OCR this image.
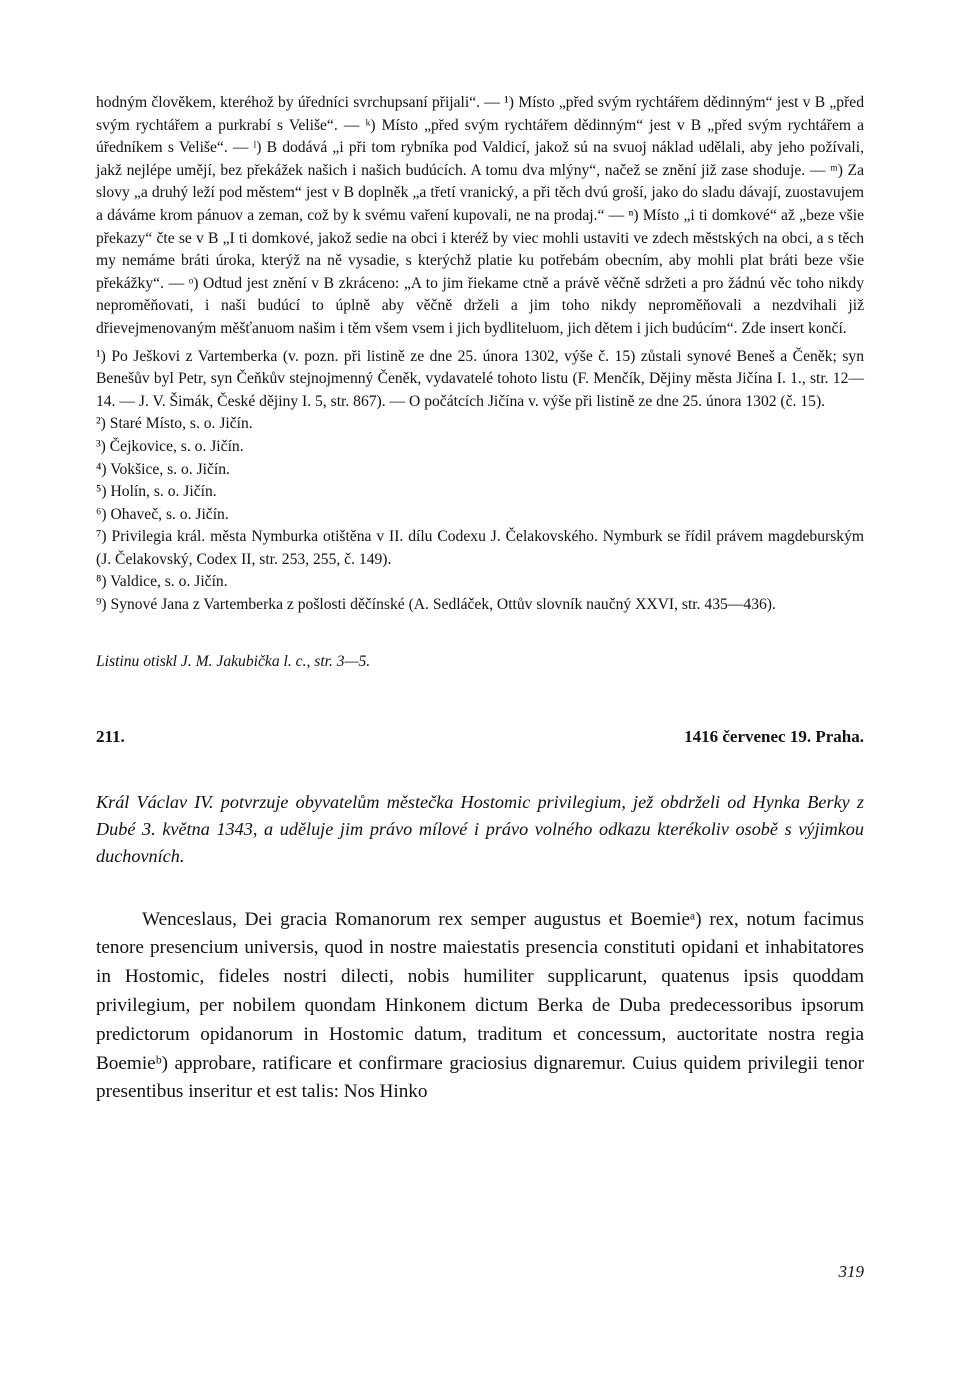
hodným člověkem, kteréhož by úředníci svrchupsaní přijali“. — ¹) Místo „před svým rychtářem dědinným“ jest v B „před svým rychtářem a purkrabí s Veliše“. — ᵏ) Místo „před svým rychtářem dědinným“ jest v B „před svým rychtářem a úředníkem s Veliše“. — ˡ) B dodává „i při tom rybníka pod Valdicí, jakož sú na svuoj náklad udělali, aby jeho požívali, jakž nejlépe umějí, bez překážek našich i našich budúcích. A tomu dva mlýny“, načež se znění již zase shoduje. — ᵐ) Za slovy „a druhý leží pod městem“ jest v B doplněk „a třetí vranický, a při těch dvú groší, jako do sladu dávají, zuostavujem a dáváme krom pánuov a zeman, což by k svému vaření kupovali, ne na prodaj.“ — ⁿ) Místo „i ti domkové“ až „beze všie překazy“ čte se v B „I ti domkové, jakož sedie na obci i kteréž by viec mohli ustaviti ve zdech městských na obci, a s těch my nemáme bráti úroka, kterýž na ně vysadie, s kterýchž platie ku potřebám obecním, aby mohli plat bráti beze všie překážky“. — ᵒ) Odtud jest znění v B zkráceno: „A to jim řiekame ctně a právě věčně sdržeti a pro žádnú věc toho nikdy neproměňovati, i naši budúcí to úplně aby věčně drželi a jim toho nikdy neproměňovali a nezdvihali již dřievejmenovaným měšťanuom našim i těm všem vsem i jich bydliteluom, jich dětem i jich budúcím“. Zde insert končí.

¹) Po Ješkovi z Vartemberka (v. pozn. při listině ze dne 25. února 1302, výše č. 15) zůstali synové Beneš a Čeněk; syn Benešův byl Petr, syn Čeňkův stejnojmenný Čeněk, vydavatelé tohoto listu (F. Menčík, Dějiny města Jičína I. 1., str. 12—14. — J. V. Šimák, České dějiny I. 5, str. 867). — O počátcích Jičína v. výše při listině ze dne 25. února 1302 (č. 15).

²) Staré Místo, s. o. Jičín.

³) Čejkovice, s. o. Jičín.

⁴) Vokšice, s. o. Jičín.

⁵) Holín, s. o. Jičín.

⁶) Ohaveč, s. o. Jičín.

⁷) Privilegia král. města Nymburka otištěna v II. dílu Codexu J. Čelakovského. Nymburk se řídil právem magdeburským (J. Čelakovský, Codex II, str. 253, 255, č. 149).

⁸) Valdice, s. o. Jičín.

⁹) Synové Jana z Vartemberka z pošlosti děčínské (A. Sedláček, Ottův slovník naučný XXVI, str. 435—436).

Listinu otiskl J. M. Jakubička l. c., str. 3—5.
211.	1416 červenec 19. Praha.
Král Václav IV. potvrzuje obyvatelům městečka Hostomic privilegium, jež obdrželi od Hynka Berky z Dubé 3. května 1343, a uděluje jim právo mílové i právo volného odkazu kterékoliv osobě s výjimkou duchovních.
Wenceslaus, Dei gracia Romanorum rex semper augustus et Boemieᵃ) rex, notum facimus tenore presencium universis, quod in nostre maiestatis presencia constituti opidani et inhabitatores in Hostomic, fideles nostri dilecti, nobis humiliter supplicarunt, quatenus ipsis quoddam privilegium, per nobilem quondam Hinkonem dictum Berka de Duba predecessoribus ipsorum predictorum opidanorum in Hostomic datum, traditum et concessum, auctoritate nostra regia Boemieᵇ) approbare, ratificare et confirmare graciosius dignaremur. Cuius quidem privilegii tenor presentibus inseritur et est talis: Nos Hinko
319
